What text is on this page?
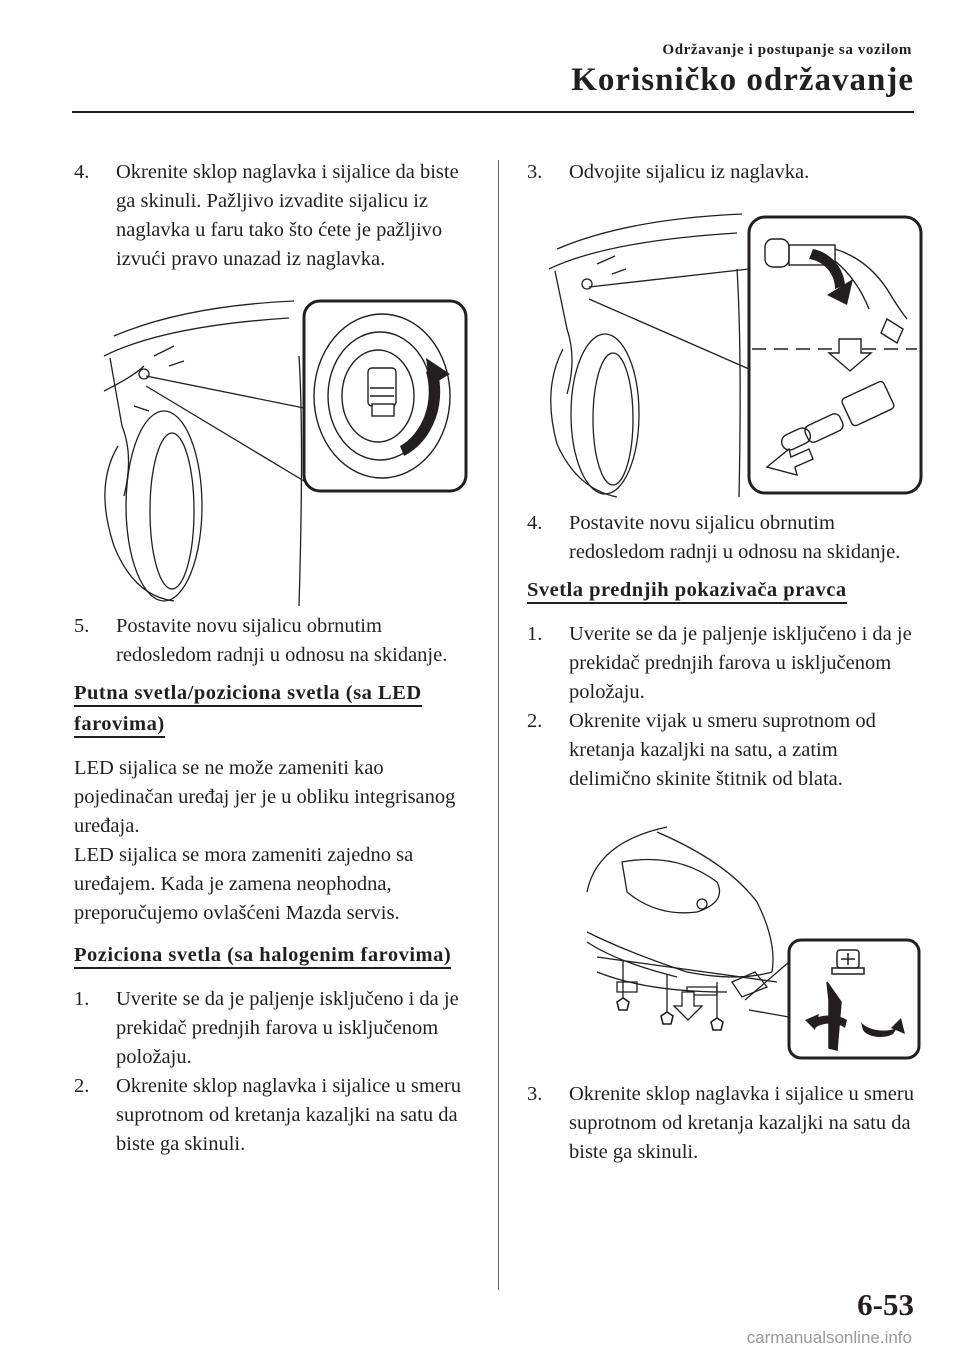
Održavanje i postupanje sa vozilom
Korisničko održavanje
4. Okrenite sklop naglavka i sijalice da biste ga skinuli. Pažljivo izvadite sijalicu iz naglavka u faru tako što ćete je pažljivo izvući pravo unazad iz naglavka.
5. Postavite novu sijalicu obrnutim redosledom radnji u odnosu na skidanje.

Putna svetla/poziciona svetla (sa LED farovima)

LED sijalica se ne može zameniti kao pojedinačan uređaj jer je u obliku integrisanog uređaja.

LED sijalica se mora zameniti zajedno sa uređajem. Kada je zamena neophodna, preporučujemo ovlašćeni Mazda servis.

Poziciona svetla (sa halogenim farovima)

1. Uverite se da je paljenje isključeno i da je prekidač prednjih farova u isključenom položaju.
2. Okrenite sklop naglavka i sijalice u smeru suprotnom od kretanja kazaljki na satu da biste ga skinuli.
3. Odvojite sijalicu iz naglavka.
4. Postavite novu sijalicu obrnutim redosledom radnji u odnosu na skidanje.

Svetla prednjih pokazivača pravca

1. Uverite se da je paljenje isključeno i da je prekidač prednjih farova u isključenom položaju.
2. Okrenite vijak u smeru suprotnom od kretanja kazaljki na satu, a zatim delimično skinite štitnik od blata.
3. Okrenite sklop naglavka i sijalice u smeru suprotnom od kretanja kazaljki na satu da biste ga skinuli.
6-53
carmanualsonline.info
